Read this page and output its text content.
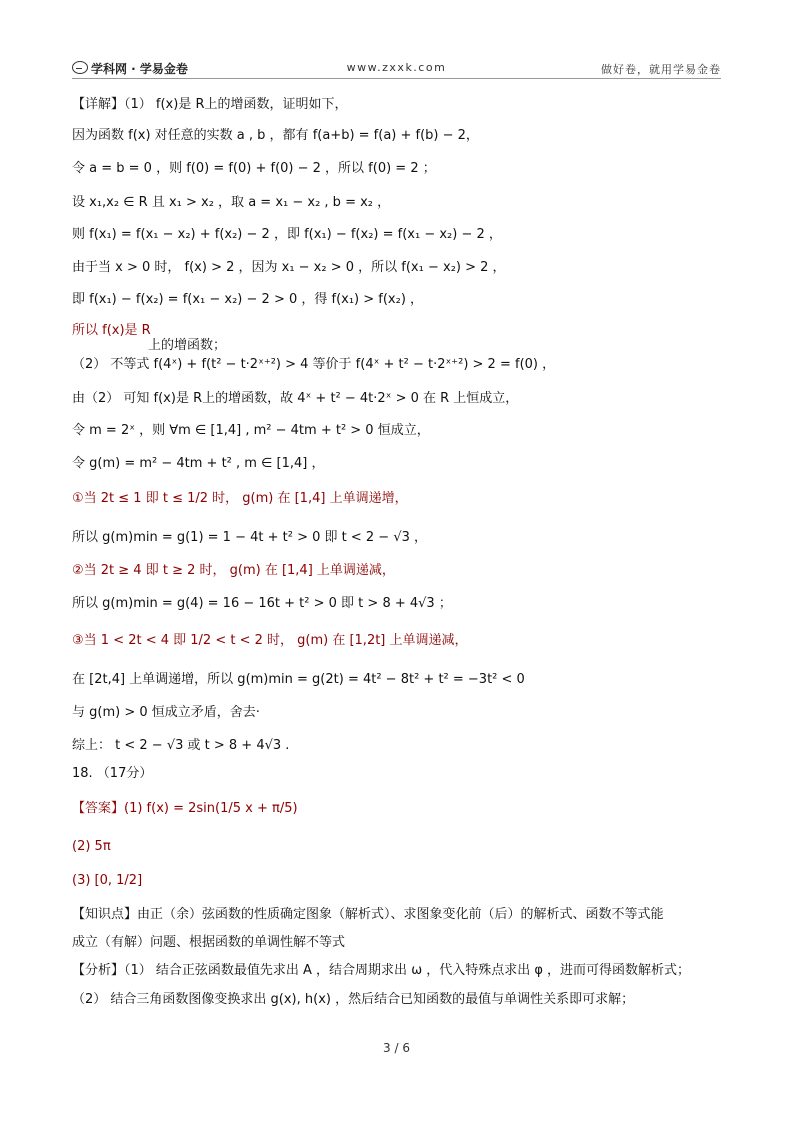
学科网 · 学易金卷	www.zxxk.com	做好卷，就用学易金卷
【详解】（1） f(x)是 R上的增函数，证明如下，
因为函数 f(x) 对任意的实数 a , b ，都有 f(a+b) = f(a) + f(b) − 2，
令 a = b = 0 ，则 f(0) = f(0) + f(0) − 2 ，所以 f(0) = 2 ；
设 x₁,x₂ ∈ R 且 x₁ > x₂ ，取 a = x₁ − x₂ , b = x₂ ，
则 f(x₁) = f(x₁ − x₂) + f(x₂) − 2 ，即 f(x₁) − f(x₂) = f(x₁ − x₂) − 2 ，
由于当 x > 0 时， f(x) > 2 ，因为 x₁ − x₂ > 0 ，所以 f(x₁ − x₂) > 2 ，
即 f(x₁) − f(x₂) = f(x₁ − x₂) − 2 > 0 ，得 f(x₁) > f(x₂) ，
所以 f(x)是 R
上的增函数；
（2） 不等式 f(4ˣ) + f(t² − t·2ˣ⁺²) > 4 等价于 f(4ˣ + t² − t·2ˣ⁺²) > 2 = f(0) ，
由（2） 可知 f(x)是 R上的增函数，故 4ˣ + t² − 4t·2ˣ > 0 在 R 上恒成立，
令 m = 2ˣ ，则 ∀m ∈ [1,4] , m² − 4tm + t² > 0 恒成立，
令 g(m) = m² − 4tm + t² , m ∈ [1,4] ，
①当 2t ≤ 1 即 t ≤ 1/2 时， g(m) 在 [1,4] 上单调递增，
所以 g(m)min = g(1) = 1 − 4t + t² > 0 即 t < 2 − √3 ，
②当 2t ≥ 4 即 t ≥ 2 时， g(m) 在 [1,4] 上单调递减，
所以 g(m)min = g(4) = 16 − 16t + t² > 0 即 t > 8 + 4√3 ；
③当 1 < 2t < 4 即 1/2 < t < 2 时， g(m) 在 [1,2t] 上单调递减，
在 [2t,4] 上单调递增，所以 g(m)min = g(2t) = 4t² − 8t² + t² = −3t² < 0
与 g(m) > 0 恒成立矛盾，舍去·
综上： t < 2 − √3 或 t > 8 + 4√3 .
18. （17分）
【答案】(1) f(x) = 2sin(1/5 x + π/5)
(2) 5π
(3) [0, 1/2]
【知识点】由正（余）弦函数的性质确定图象（解析式）、求图象变化前（后）的解析式、函数不等式能
成立（有解）问题、根据函数的单调性解不等式
【分析】（1） 结合正弦函数最值先求出 A ，结合周期求出 ω ，代入特殊点求出 φ ，进而可得函数解析式；
（2） 结合三角函数图像变换求出 g(x), h(x) ，然后结合已知函数的最值与单调性关系即可求解；
3 / 6
